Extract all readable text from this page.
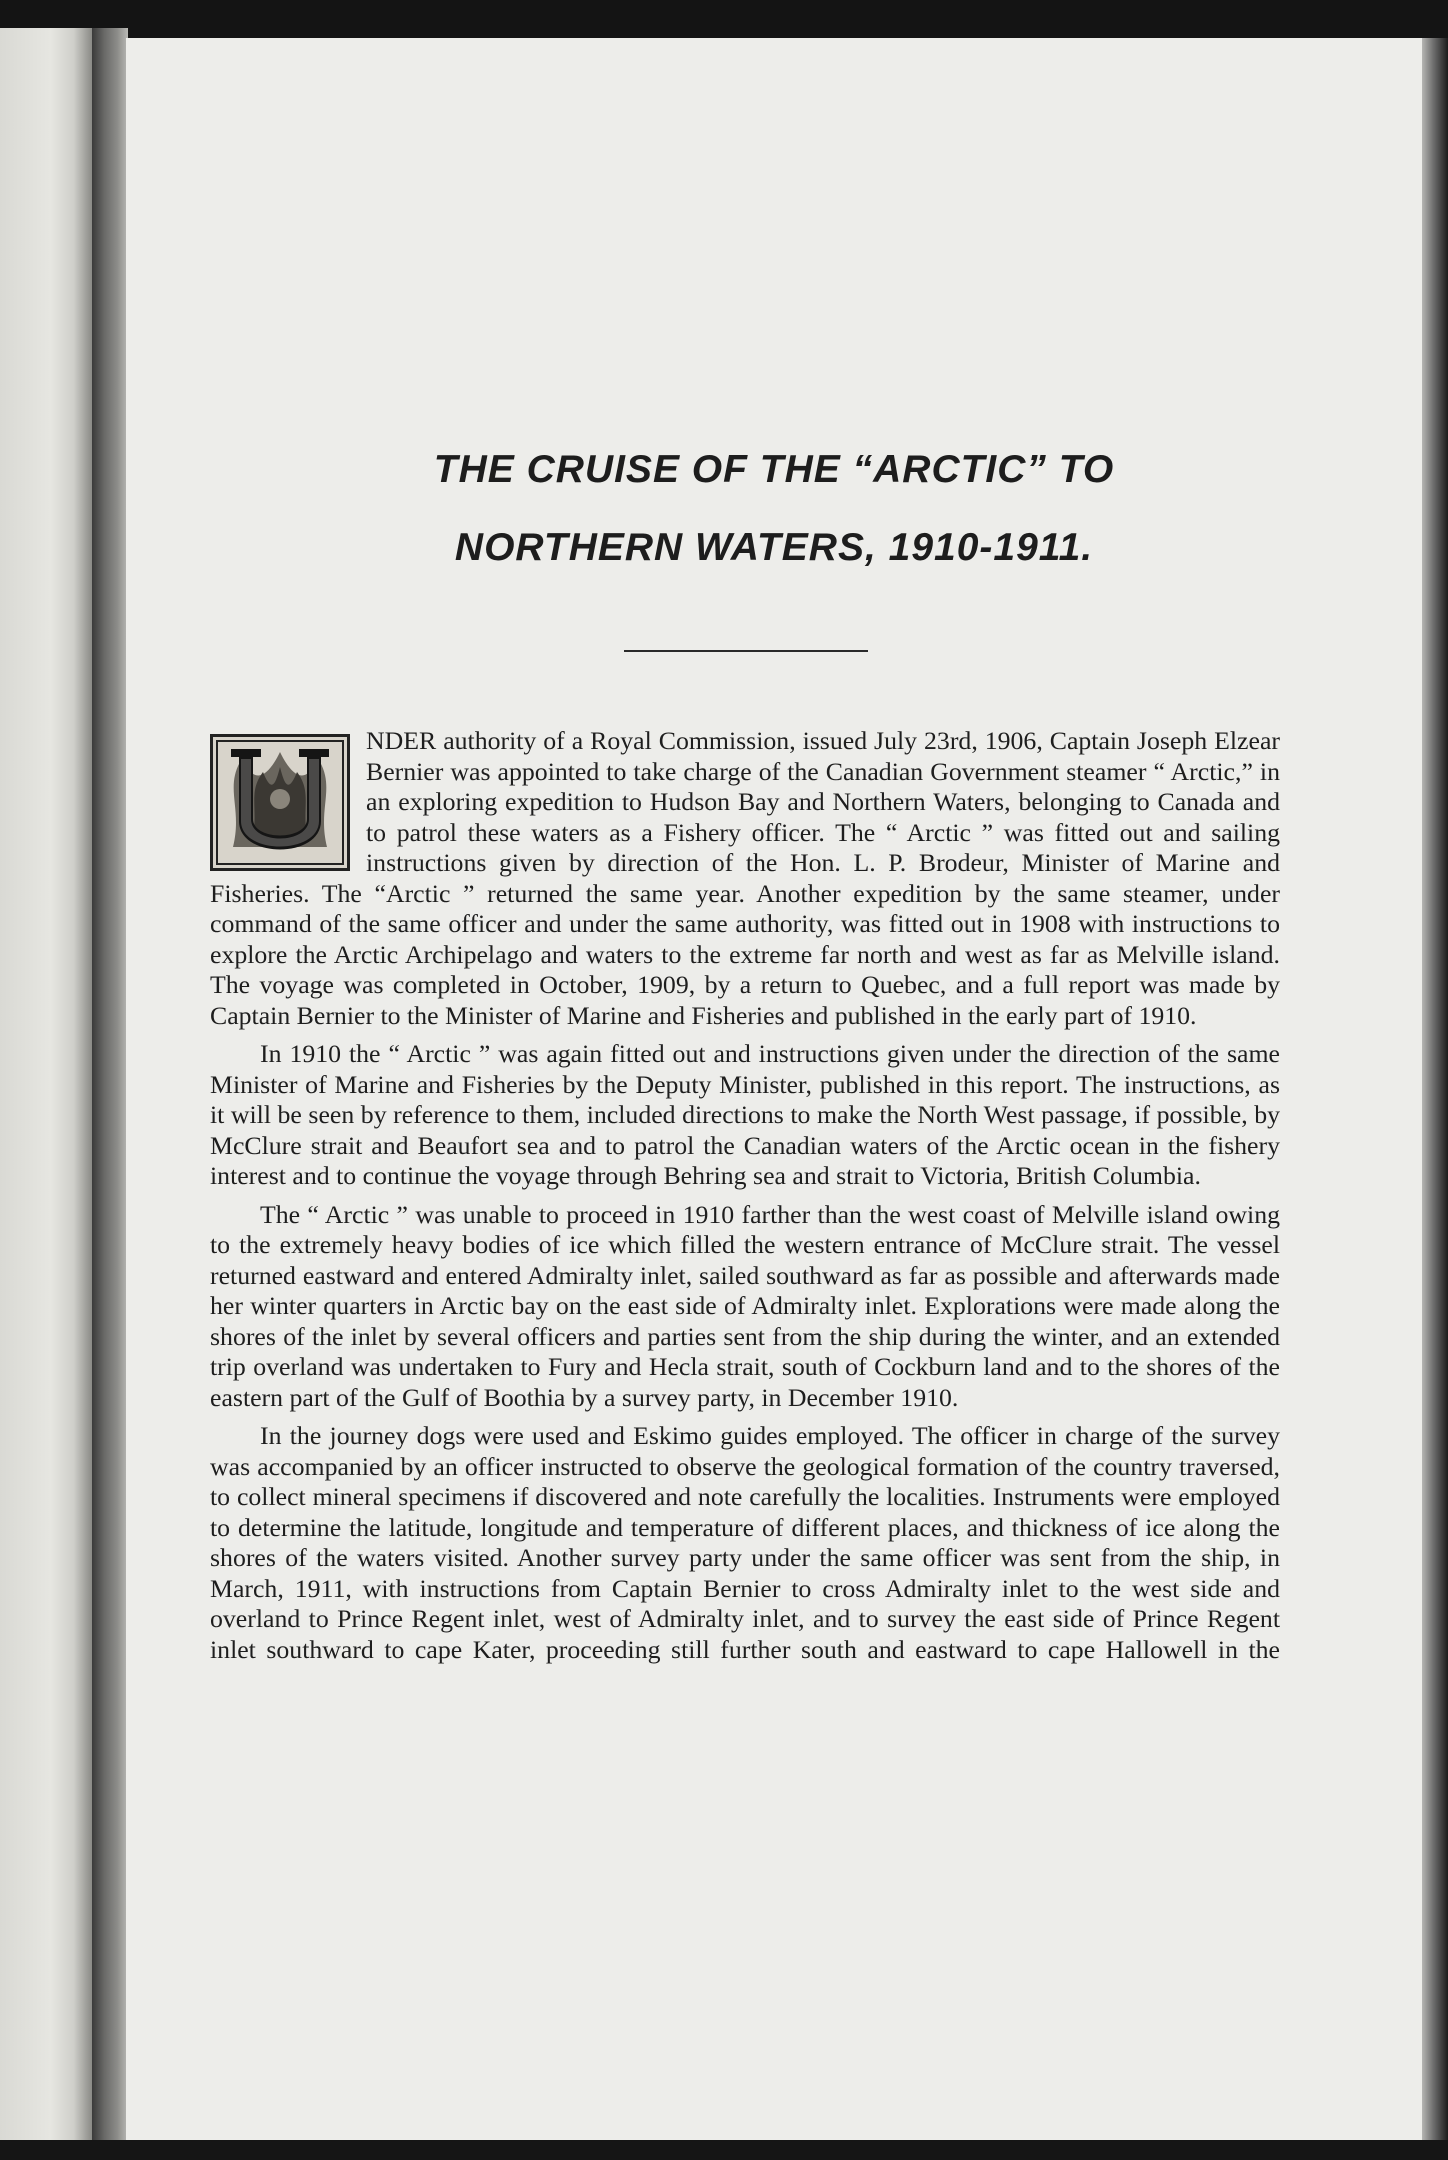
THE CRUISE OF THE “ARCTIC” TO
NORTHERN WATERS, 1910-1911.

NDER authority of a Royal Commission, issued July 23rd, 1906, Captain Joseph Elzear Bernier was appointed to take charge of the Canadian Government steamer “ Arctic,” in an exploring expedition to Hudson Bay and Northern Waters, belonging to Canada and to patrol these waters as a Fishery officer. The “ Arctic ” was fitted out and sailing instructions given by direction of the Hon. L. P. Brodeur, Minister of Marine and Fisheries. The “Arctic ” returned the same year. Another expedition by the same steamer, under command of the same officer and under the same authority, was fitted out in 1908 with instructions to explore the Arctic Archipelago and waters to the extreme far north and west as far as Melville island. The voyage was completed in October, 1909, by a return to Quebec, and a full report was made by Captain Bernier to the Minister of Marine and Fisheries and published in the early part of 1910.

In 1910 the “ Arctic ” was again fitted out and instructions given under the direction of the same Minister of Marine and Fisheries by the Deputy Minister, published in this report. The instructions, as it will be seen by reference to them, included directions to make the North West passage, if possible, by McClure strait and Beaufort sea and to patrol the Canadian waters of the Arctic ocean in the fishery interest and to continue the voyage through Behring sea and strait to Victoria, British Columbia.

The “ Arctic ” was unable to proceed in 1910 farther than the west coast of Melville island owing to the extremely heavy bodies of ice which filled the western entrance of McClure strait. The vessel returned eastward and entered Admiralty inlet, sailed southward as far as possible and afterwards made her winter quarters in Arctic bay on the east side of Admiralty inlet. Explorations were made along the shores of the inlet by several officers and parties sent from the ship during the winter, and an extended trip overland was undertaken to Fury and Hecla strait, south of Cockburn land and to the shores of the eastern part of the Gulf of Boothia by a survey party, in December 1910.

In the journey dogs were used and Eskimo guides employed. The officer in charge of the survey was accompanied by an officer instructed to observe the geological formation of the country traversed, to collect mineral specimens if discovered and note carefully the localities. Instruments were employed to determine the latitude, longitude and temperature of different places, and thickness of ice along the shores of the waters visited. Another survey party under the same officer was sent from the ship, in March, 1911, with instructions from Captain Bernier to cross Admiralty inlet to the west side and overland to Prince Regent inlet, west of Admiralty inlet, and to survey the east side of Prince Regent inlet southward to cape Kater, proceeding still further south and eastward to cape Hallowell in the
